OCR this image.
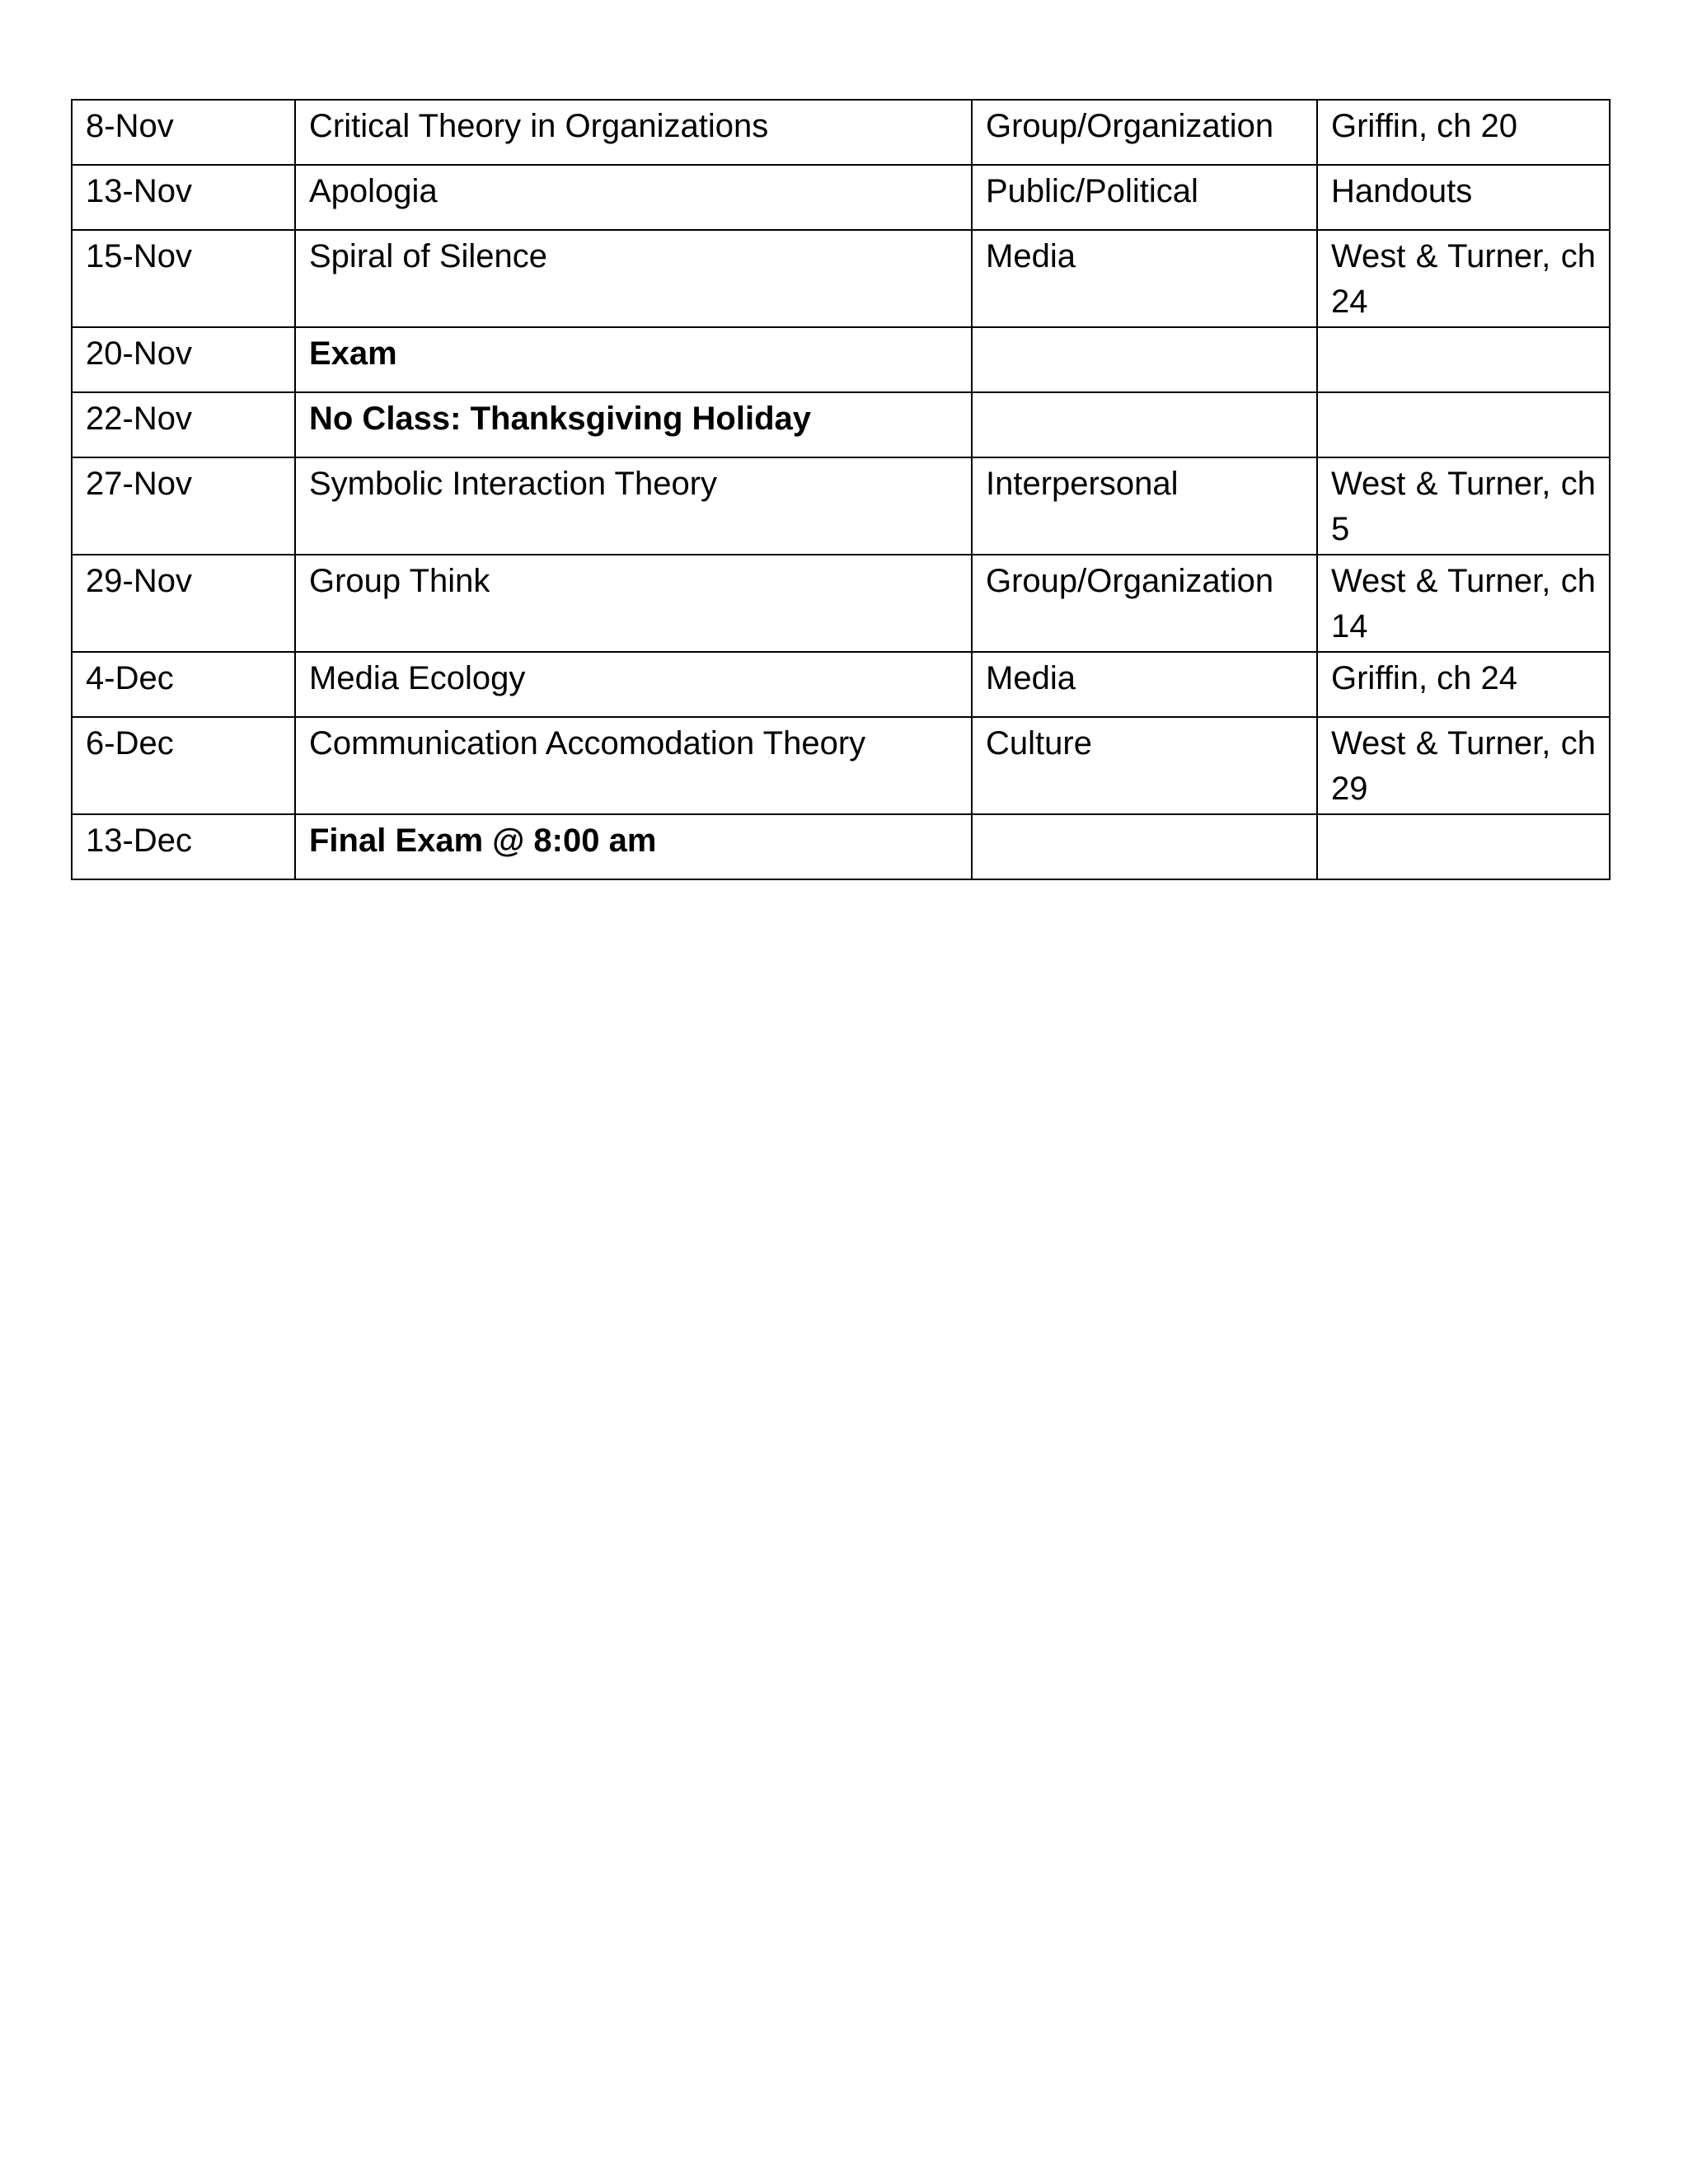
8-Nov	Critical Theory in Organizations	Group/Organization	Griffin, ch 20
13-Nov	Apologia	Public/Political	Handouts
15-Nov	Spiral of Silence	Media	West & Turner, ch 24
20-Nov	Exam		
22-Nov	No Class: Thanksgiving Holiday		
27-Nov	Symbolic Interaction Theory	Interpersonal	West & Turner, ch 5
29-Nov	Group Think	Group/Organization	West & Turner, ch 14
4-Dec	Media Ecology	Media	Griffin, ch 24
6-Dec	Communication Accomodation Theory	Culture	West & Turner, ch 29
13-Dec	Final Exam @ 8:00 am		
